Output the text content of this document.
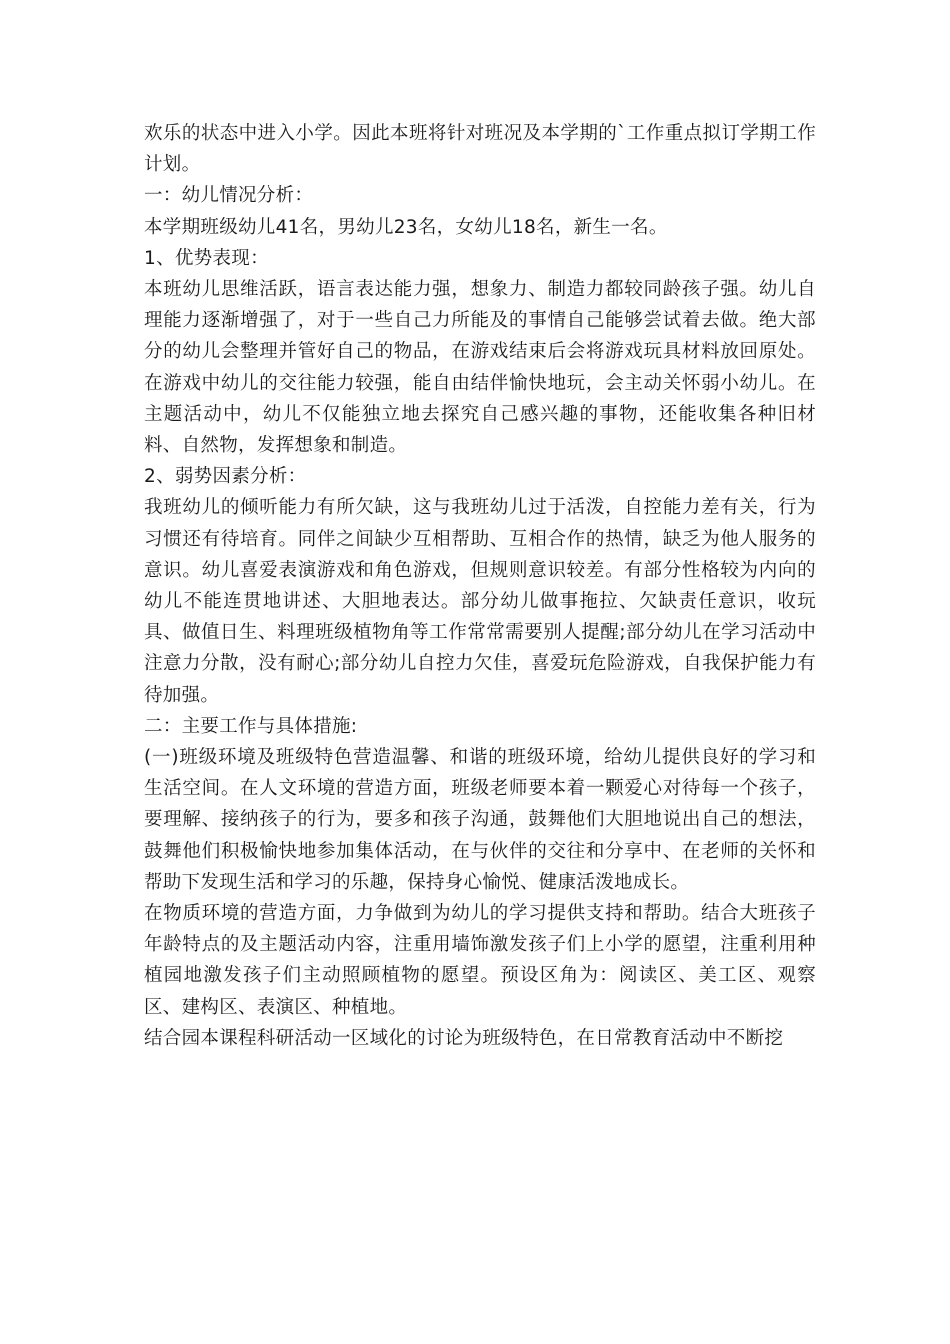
欢乐的状态中进入小学。因此本班将针对班况及本学期的`工作重点拟订学期工作计划。

一：幼儿情况分析：

本学期班级幼儿41名，男幼儿23名，女幼儿18名，新生一名。

1、优势表现：

本班幼儿思维活跃，语言表达能力强，想象力、制造力都较同龄孩子强。幼儿自理能力逐渐增强了，对于一些自己力所能及的事情自己能够尝试着去做。绝大部分的幼儿会整理并管好自己的物品，在游戏结束后会将游戏玩具材料放回原处。在游戏中幼儿的交往能力较强，能自由结伴愉快地玩，会主动关怀弱小幼儿。在主题活动中，幼儿不仅能独立地去探究自己感兴趣的事物，还能收集各种旧材料、自然物，发挥想象和制造。

2、弱势因素分析：

我班幼儿的倾听能力有所欠缺，这与我班幼儿过于活泼，自控能力差有关，行为习惯还有待培育。同伴之间缺少互相帮助、互相合作的热情，缺乏为他人服务的意识。幼儿喜爱表演游戏和角色游戏，但规则意识较差。有部分性格较为内向的幼儿不能连贯地讲述、大胆地表达。部分幼儿做事拖拉、欠缺责任意识，收玩具、做值日生、料理班级植物角等工作常常需要别人提醒;部分幼儿在学习活动中注意力分散，没有耐心;部分幼儿自控力欠佳，喜爱玩危险游戏，自我保护能力有待加强。

二：主要工作与具体措施:

(一)班级环境及班级特色营造温馨、和谐的班级环境，给幼儿提供良好的学习和生活空间。在人文环境的营造方面，班级老师要本着一颗爱心对待每一个孩子，要理解、接纳孩子的行为，要多和孩子沟通，鼓舞他们大胆地说出自己的想法，鼓舞他们积极愉快地参加集体活动，在与伙伴的交往和分享中、在老师的关怀和帮助下发现生活和学习的乐趣，保持身心愉悦、健康活泼地成长。

在物质环境的营造方面，力争做到为幼儿的学习提供支持和帮助。结合大班孩子年龄特点的及主题活动内容，注重用墙饰激发孩子们上小学的愿望，注重利用种植园地激发孩子们主动照顾植物的愿望。预设区角为：阅读区、美工区、观察区、建构区、表演区、种植地。

结合园本课程科研活动一区域化的讨论为班级特色，在日常教育活动中不断挖
